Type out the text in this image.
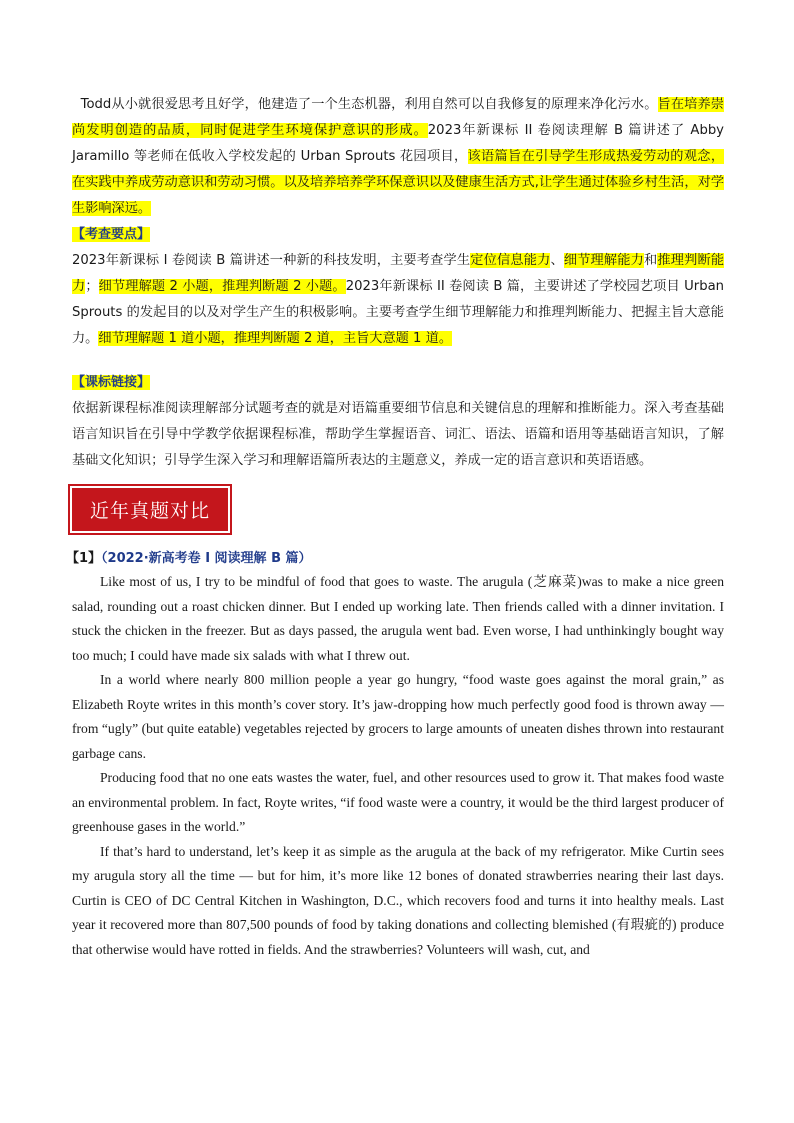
Todd从小就很爱思考且好学，他建造了一个生态机器，利用自然可以自我修复的原理来净化污水。旨在培养崇尚发明创造的品质，同时促进学生环境保护意识的形成。2023年新课标 II 卷阅读理解 B 篇讲述了 Abby Jaramillo 等老师在低收入学校发起的 Urban Sprouts 花园项目，该语篇旨在引导学生形成热爱劳动的观念，在实践中养成劳动意识和劳动习惯。以及培养培养学环保意识以及健康生活方式,让学生通过体验乡村生活，对学生影响深远。

【考查要点】

2023年新课标 I 卷阅读 B 篇讲述一种新的科技发明，主要考查学生定位信息能力、细节理解能力和推理判断能力；细节理解题 2 小题，推理判断题 2 小题。2023年新课标 II 卷阅读 B 篇，主要讲述了学校园艺项目 Urban Sprouts 的发起目的以及对学生产生的积极影响。主要考查学生细节理解能力和推理判断能力、把握主旨大意能力。细节理解题 1 道小题，推理判断题 2 道，主旨大意题 1 道。

【课标链接】

依据新课程标准阅读理解部分试题考查的就是对语篇重要细节信息和关键信息的理解和推断能力。深入考查基础语言知识旨在引导中学教学依据课程标准，帮助学生掌握语音、词汇、语法、语篇和语用等基础语言知识，了解基础文化知识；引导学生深入学习和理解语篇所表达的主题意义，养成一定的语言意识和英语语感。

近年真题对比

【1】（2022·新高考卷 I 阅读理解 B 篇）

Like most of us, I try to be mindful of food that goes to waste. The arugula (芝麻菜)was to make a nice green salad, rounding out a roast chicken dinner. But I ended up working late. Then friends called with a dinner invitation. I stuck the chicken in the freezer. But as days passed, the arugula went bad. Even worse, I had unthinkingly bought way too much; I could have made six salads with what I threw out.

In a world where nearly 800 million people a year go hungry, “food waste goes against the moral grain,” as Elizabeth Royte writes in this month’s cover story. It’s jaw-dropping how much perfectly good food is thrown away — from “ugly” (but quite eatable) vegetables rejected by grocers to large amounts of uneaten dishes thrown into restaurant garbage cans.

Producing food that no one eats wastes the water, fuel, and other resources used to grow it. That makes food waste an environmental problem. In fact, Royte writes, “if food waste were a country, it would be the third largest producer of greenhouse gases in the world.”

If that’s hard to understand, let’s keep it as simple as the arugula at the back of my refrigerator. Mike Curtin sees my arugula story all the time — but for him, it’s more like 12 bones of donated strawberries nearing their last days. Curtin is CEO of DC Central Kitchen in Washington, D.C., which recovers food and turns it into healthy meals. Last year it recovered more than 807,500 pounds of food by taking donations and collecting blemished (有瑕疵的) produce that otherwise would have rotted in fields. And the strawberries? Volunteers will wash, cut, and
